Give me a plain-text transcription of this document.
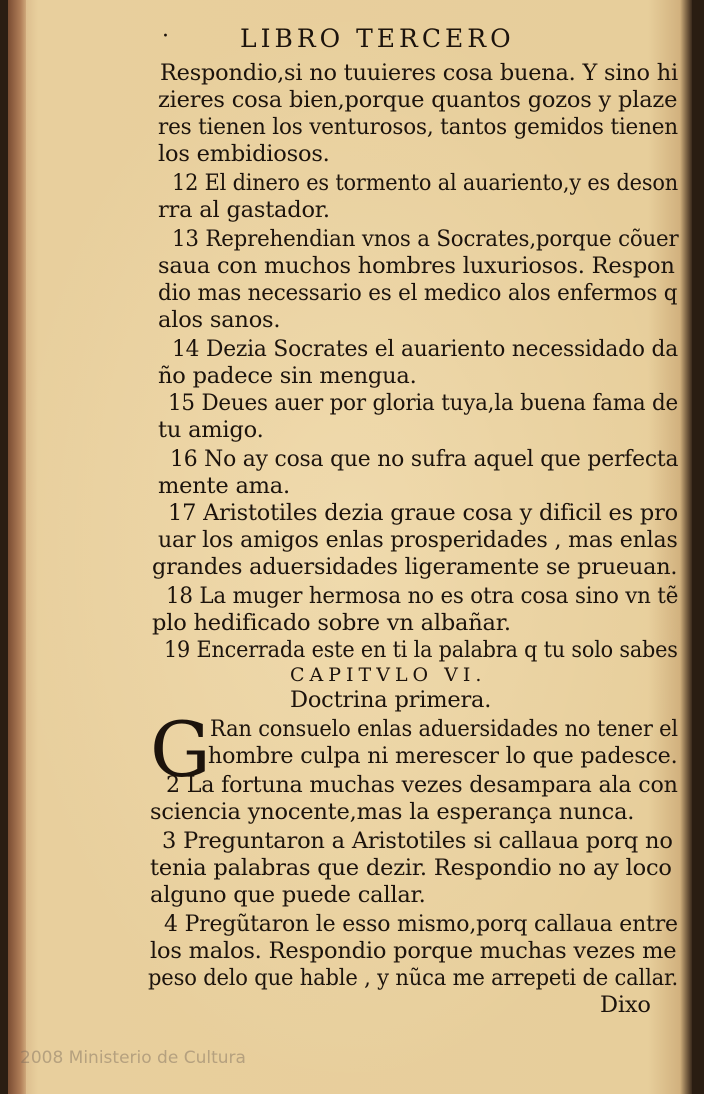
·	LIBRO TERCERO
Respondio,si no tuuieres cosa buena. Y sino hi
zieres cosa bien,porque quantos gozos y plaze
res tienen los venturosos, tantos gemidos tienen
los embidiosos.
12 El dinero es tormento al auariento,y es deson
rra al gastador.
13 Reprehendian vnos a Socrates,porque cõuer
saua con muchos hombres luxuriosos. Respon
dio mas necessario es el medico alos enfermos q
alos sanos.
14 Dezia Socrates el auariento necessidado da
ño padece sin mengua.
15 Deues auer por gloria tuya,la buena fama de
tu amigo.
16 No ay cosa que no sufra aquel que perfecta
mente ama.
17 Aristotiles dezia graue cosa y dificil es pro
uar los amigos enlas prosperidades , mas enlas
grandes aduersidades ligeramente se prueuan.
18 La muger hermosa no es otra cosa sino vn tẽ
plo hedificado sobre vn albañar.
19 Encerrada este en ti la palabra q tu solo sabes
CAPITVLO VI.
Doctrina primera.
G Ran consuelo enlas aduersidades no tener el
hombre culpa ni merescer lo que padesce.
2 La fortuna muchas vezes desampara ala con
sciencia ynocente,mas la esperança nunca.
3 Preguntaron a Aristotiles si callaua porq no
tenia palabras que dezir. Respondio no ay loco
alguno que puede callar.
4 Pregũtaron le esso mismo,porq callaua entre
los malos. Respondio porque muchas vezes me
peso delo que hable , y nũca me arrepeti de callar.
Dixo
2008 Ministerio de Cultura
